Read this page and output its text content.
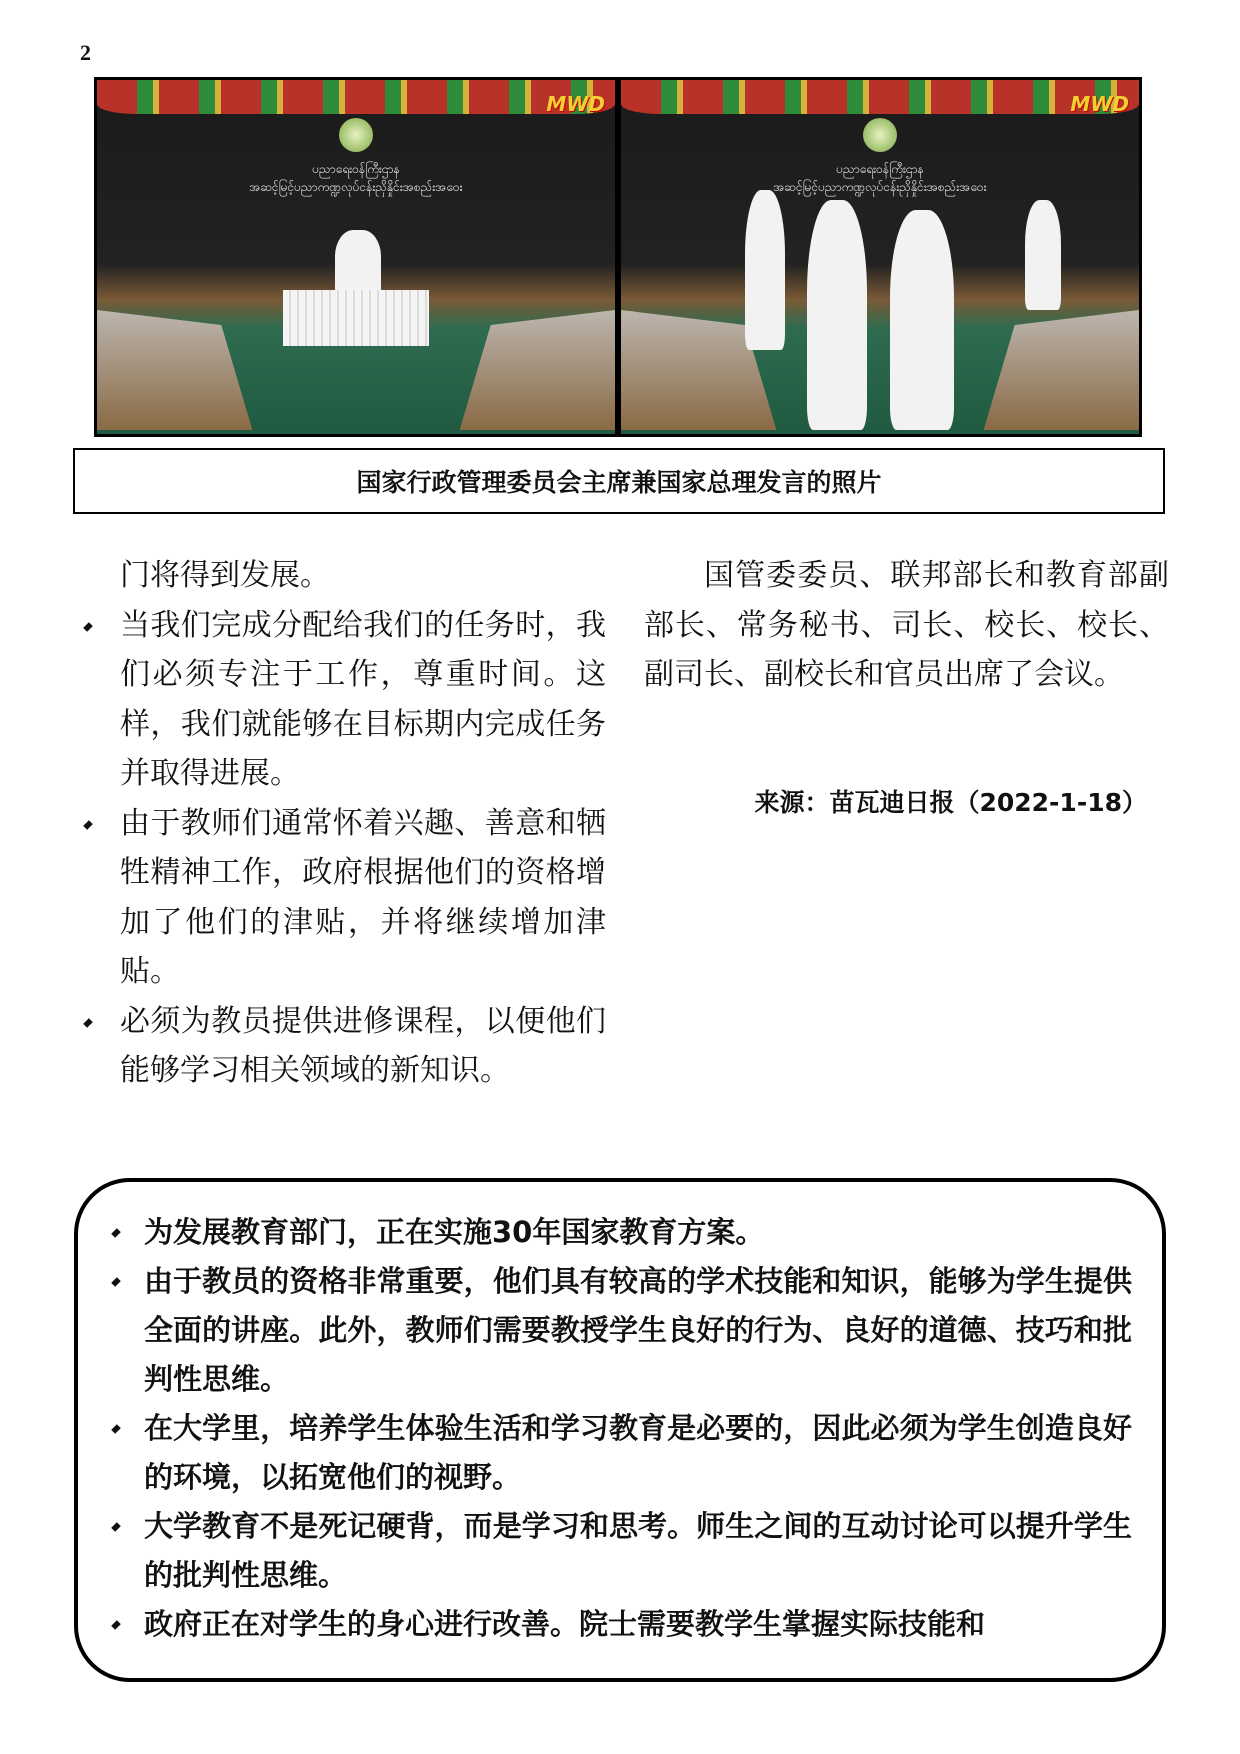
2
ပညာရေးဝန်ကြီးဌာန
အဆင့်မြင့်ပညာကဏ္ဍလုပ်ငန်းညှိနှိုင်းအစည်းအဝေး
MWD
ပညာရေးဝန်ကြီးဌာန
အဆင့်မြင့်ပညာကဏ္ဍလုပ်ငန်းညှိနှိုင်းအစည်းအဝေး
MWD
国家行政管理委员会主席兼国家总理发言的照片

门将得到发展。

当我们完成分配给我们的任务时，我们必须专注于工作，尊重时间。这样，我们就能够在目标期内完成任务并取得进展。

由于教师们通常怀着兴趣、善意和牺牲精神工作，政府根据他们的资格增加了他们的津贴，并将继续增加津贴。

必须为教员提供进修课程，以便他们能够学习相关领域的新知识。

国管委委员、联邦部长和教育部副部长、常务秘书、司长、校长、校长、副司长、副校长和官员出席了会议。

来源：苗瓦迪日报（2022-1-18）

为发展教育部门，正在实施30年国家教育方案。

由于教员的资格非常重要，他们具有较高的学术技能和知识，能够为学生提供全面的讲座。此外，教师们需要教授学生良好的行为、良好的道德、技巧和批判性思维。

在大学里，培养学生体验生活和学习教育是必要的，因此必须为学生创造良好的环境，以拓宽他们的视野。

大学教育不是死记硬背，而是学习和思考。师生之间的互动讨论可以提升学生的批判性思维。

政府正在对学生的身心进行改善。院士需要教学生掌握实际技能和
